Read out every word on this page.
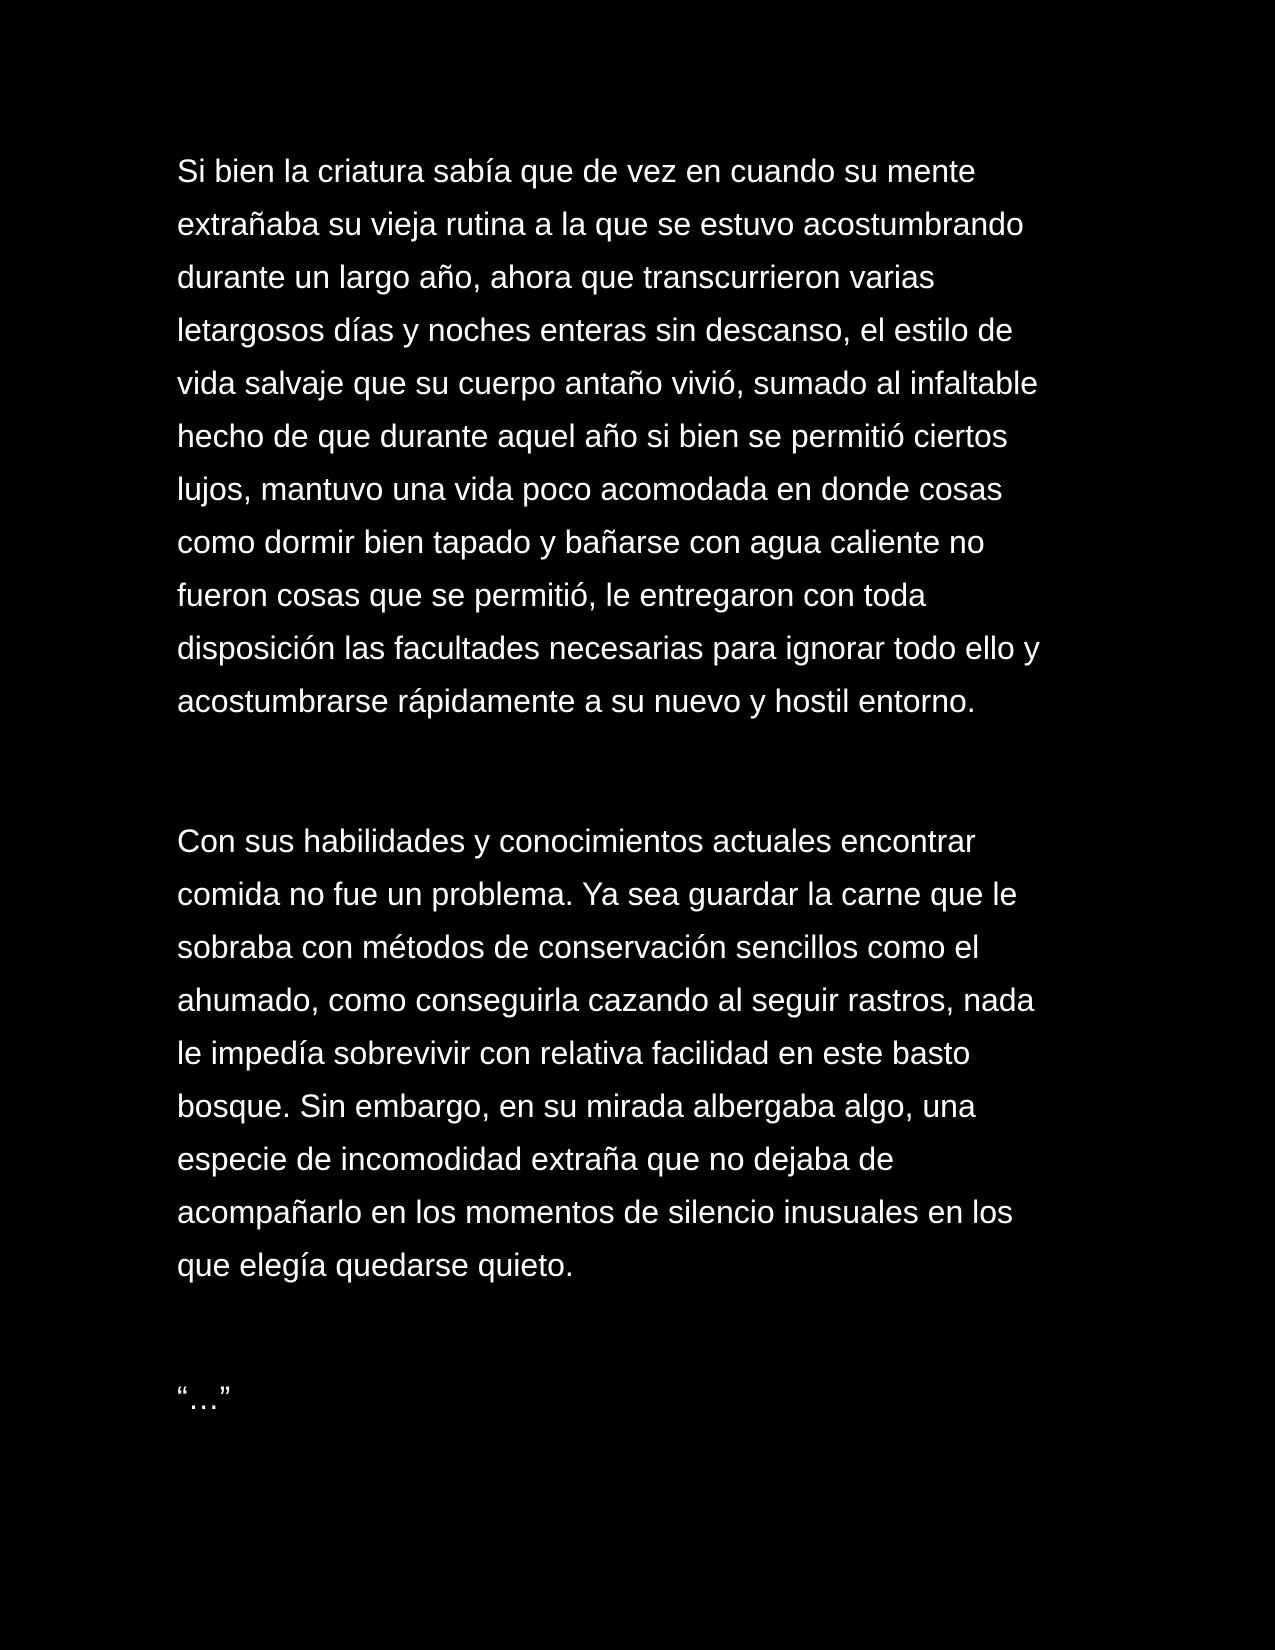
Si bien la criatura sabía que de vez en cuando su mente
extrañaba su vieja rutina a la que se estuvo acostumbrando
durante un largo año, ahora que transcurrieron varias
letargosos días y noches enteras sin descanso, el estilo de
vida salvaje que su cuerpo antaño vivió, sumado al infaltable
hecho de que durante aquel año si bien se permitió ciertos
lujos, mantuvo una vida poco acomodada en donde cosas
como dormir bien tapado y bañarse con agua caliente no
fueron cosas que se permitió, le entregaron con toda
disposición las facultades necesarias para ignorar todo ello y
acostumbrarse rápidamente a su nuevo y hostil entorno.
Con sus habilidades y conocimientos actuales encontrar
comida no fue un problema. Ya sea guardar la carne que le
sobraba con métodos de conservación sencillos como el
ahumado, como conseguirla cazando al seguir rastros, nada
le impedía sobrevivir con relativa facilidad en este basto
bosque. Sin embargo, en su mirada albergaba algo, una
especie de incomodidad extraña que no dejaba de
acompañarlo en los momentos de silencio inusuales en los
que elegía quedarse quieto.
“…”
